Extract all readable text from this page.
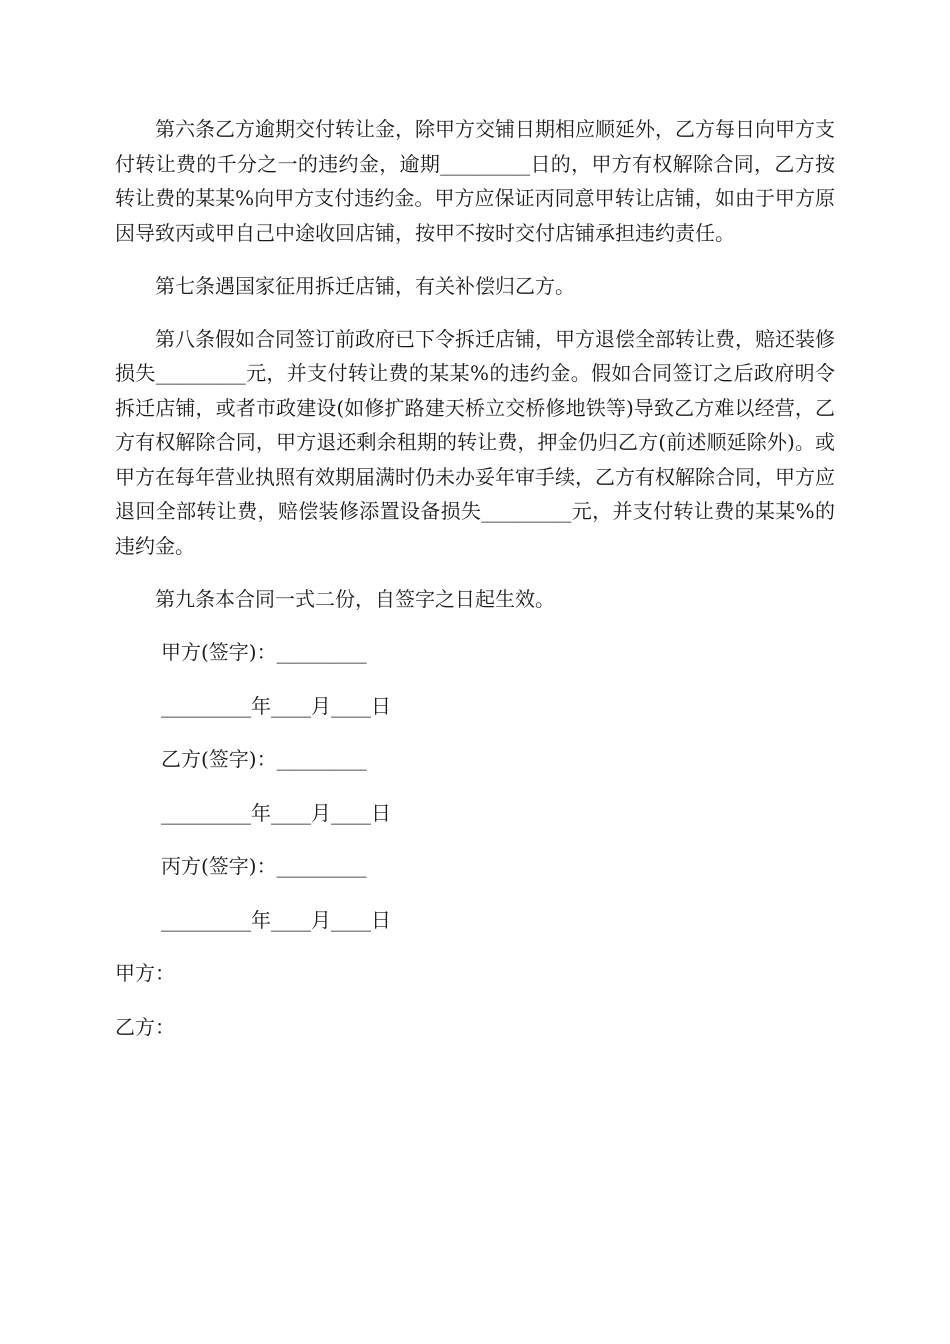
第六条乙方逾期交付转让金，除甲方交铺日期相应顺延外，乙方每日向甲方支付转让费的千分之一的违约金，逾期_________日的，甲方有权解除合同，乙方按转让费的某某%向甲方支付违约金。甲方应保证丙同意甲转让店铺，如由于甲方原因导致丙或甲自己中途收回店铺，按甲不按时交付店铺承担违约责任。

第七条遇国家征用拆迁店铺，有关补偿归乙方。

第八条假如合同签订前政府已下令拆迁店铺，甲方退偿全部转让费，赔还装修损失_________元，并支付转让费的某某%的违约金。假如合同签订之后政府明令拆迁店铺，或者市政建设(如修扩路建天桥立交桥修地铁等)导致乙方难以经营，乙方有权解除合同，甲方退还剩余租期的转让费，押金仍归乙方(前述顺延除外)。或甲方在每年营业执照有效期届满时仍未办妥年审手续，乙方有权解除合同，甲方应退回全部转让费，赔偿装修添置设备损失_________元，并支付转让费的某某%的违约金。

第九条本合同一式二份，自签字之日起生效。

甲方(签字)：_________

_________年____月____日

乙方(签字)：_________

_________年____月____日

丙方(签字)：_________

_________年____月____日

甲方：

乙方：
